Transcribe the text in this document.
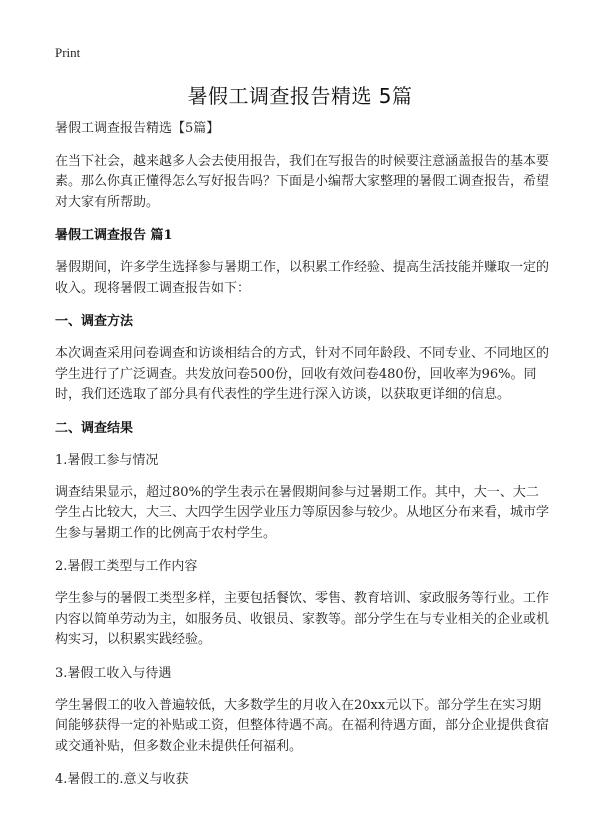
Print
暑假工调查报告精选 5篇

暑假工调查报告精选【5篇】

在当下社会，越来越多人会去使用报告，我们在写报告的时候要注意涵盖报告的基本要素。那么你真正懂得怎么写好报告吗？下面是小编帮大家整理的暑假工调查报告，希望对大家有所帮助。

暑假工调查报告 篇1

暑假期间，许多学生选择参与暑期工作，以积累工作经验、提高生活技能并赚取一定的收入。现将暑假工调查报告如下：

一、调查方法

本次调查采用问卷调查和访谈相结合的方式，针对不同年龄段、不同专业、不同地区的学生进行了广泛调查。共发放问卷500份，回收有效问卷480份，回收率为96%。同时，我们还选取了部分具有代表性的学生进行深入访谈，以获取更详细的信息。

二、调查结果

1.暑假工参与情况

调查结果显示，超过80%的学生表示在暑假期间参与过暑期工作。其中，大一、大二学生占比较大，大三、大四学生因学业压力等原因参与较少。从地区分布来看，城市学生参与暑期工作的比例高于农村学生。

2.暑假工类型与工作内容

学生参与的暑假工类型多样，主要包括餐饮、零售、教育培训、家政服务等行业。工作内容以简单劳动为主，如服务员、收银员、家教等。部分学生在与专业相关的企业或机构实习，以积累实践经验。

3.暑假工收入与待遇

学生暑假工的收入普遍较低，大多数学生的月收入在20xx元以下。部分学生在实习期间能够获得一定的补贴或工资，但整体待遇不高。在福利待遇方面，部分企业提供食宿或交通补贴，但多数企业未提供任何福利。

4.暑假工的.意义与收获
